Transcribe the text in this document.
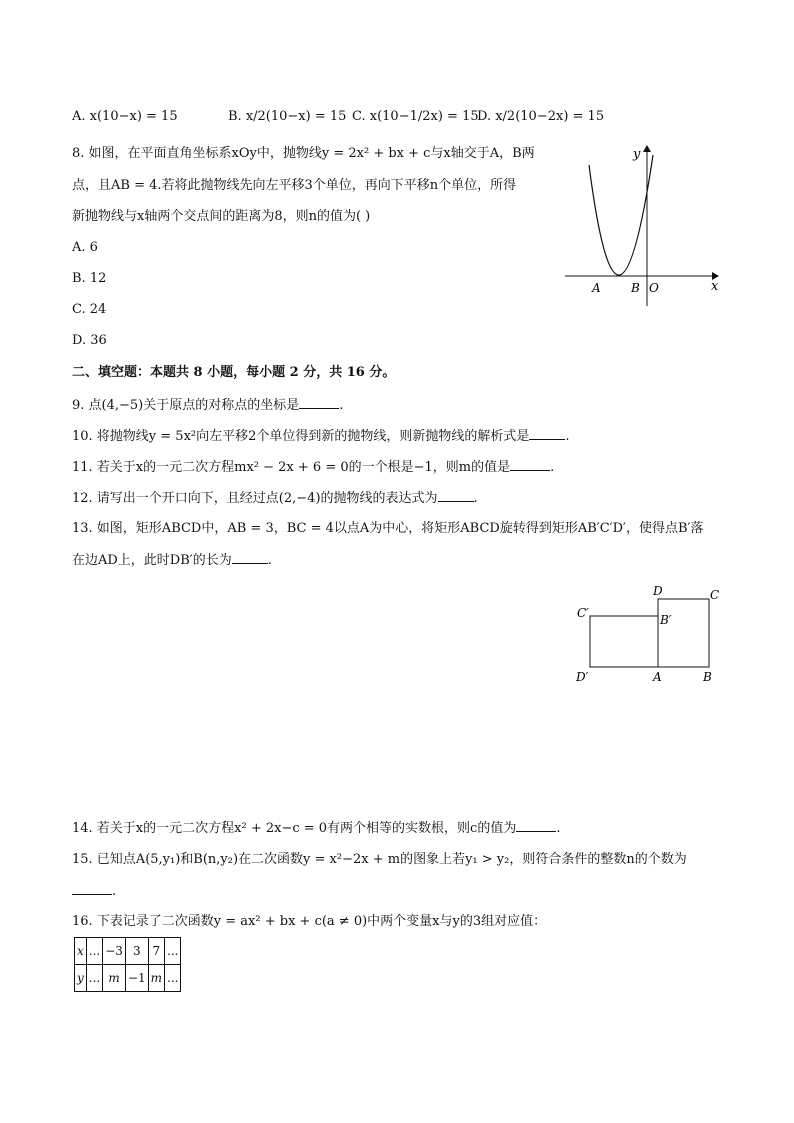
A. x(10−x) = 15	B. x/2(10−x) = 15 C. x(10−1/2x) = 15
D. x/2(10−2x) = 15
8. 如图，在平面直角坐标系xOy中，抛物线y = 2x² + bx + c与x轴交于A，B两
点，且AB = 4.若将此抛物线先向左平移3个单位，再向下平移n个单位，所得
新抛物线与x轴两个交点间的距离为8，则n的值为( )
A. 6
B. 12
C. 24
D. 36
y
x
A	B O
二、填空题：本题共 8 小题，每小题 2 分，共 16 分。
9. 点(4,−5)关于原点的对称点的坐标是	.
10. 将抛物线y = 5x²向左平移2个单位得到新的抛物线，则新抛物线的解析式是	.
11. 若关于x的一元二次方程mx² − 2x + 6 = 0的一个根是−1，则m的值是	.
12. 请写出一个开口向下，且经过点(2,−4)的抛物线的表达式为	.
13. 如图，矩形ABCD中，AB = 3，BC = 4以点A为中心，将矩形ABCD旋转得到矩形AB′C′D′，使得点B′落
在边AD上，此时DB′的长为	.
D	C
C′	B′
D′	A	B
14. 若关于x的一元二次方程x² + 2x−c = 0有两个相等的实数根，则c的值为	.
15. 已知点A(5,y₁)和B(n,y₂)在二次函数y = x²−2x + m的图象上若y₁ > y₂，则符合条件的整数n的个数为
.
16. 下表记录了二次函数y = ax² + bx + c(a ≠ 0)中两个变量x与y的3组对应值：
x	...	−3	3	7	...
y	...	m	−1	m	...
